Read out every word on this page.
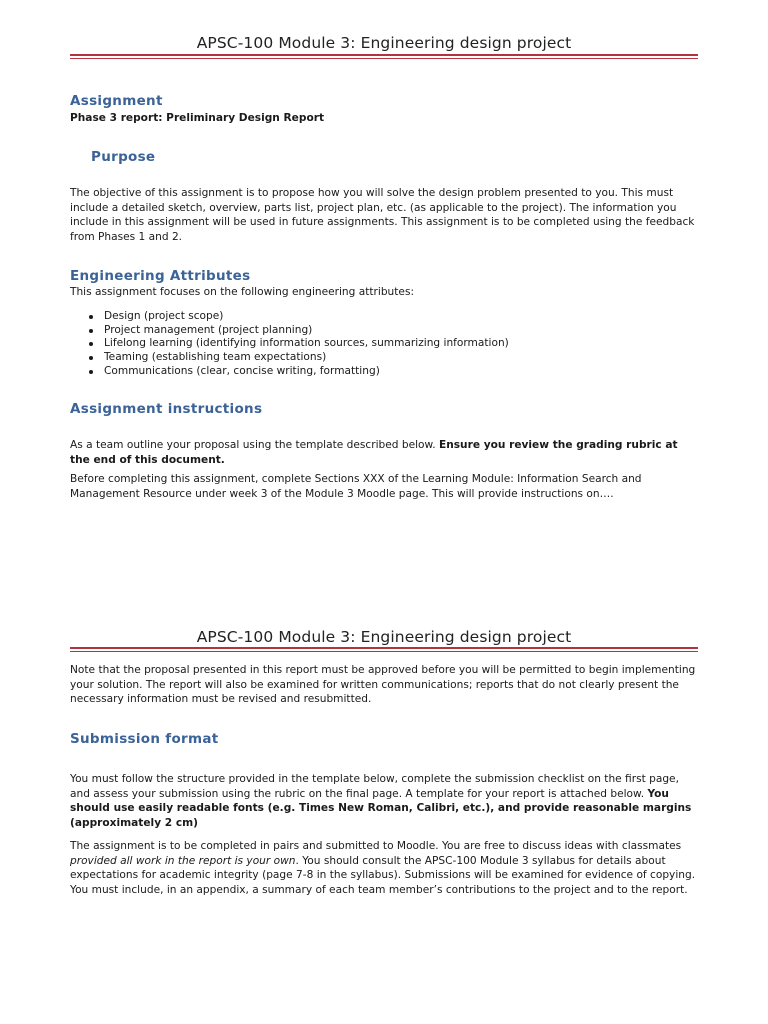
APSC-100 Module 3: Engineering design project
Assignment
Phase 3 report: Preliminary Design Report
Purpose
The objective of this assignment is to propose how you will solve the design problem presented to you. This must include a detailed sketch, overview, parts list, project plan, etc. (as applicable to the project). The information you include in this assignment will be used in future assignments. This assignment is to be completed using the feedback from Phases 1 and 2.
Engineering Attributes
This assignment focuses on the following engineering attributes:
Design (project scope)
Project management (project planning)
Lifelong learning (identifying information sources, summarizing information)
Teaming (establishing team expectations)
Communications (clear, concise writing, formatting)
Assignment instructions
As a team outline your proposal using the template described below. Ensure you review the grading rubric at the end of this document.
Before completing this assignment, complete Sections XXX of the Learning Module: Information Search and Management Resource under week 3 of the Module 3 Moodle page. This will provide instructions on….
APSC-100 Module 3: Engineering design project
Note that the proposal presented in this report must be approved before you will be permitted to begin implementing your solution. The report will also be examined for written communications; reports that do not clearly present the necessary information must be revised and resubmitted.
Submission format
You must follow the structure provided in the template below, complete the submission checklist on the first page, and assess your submission using the rubric on the final page. A template for your report is attached below. You should use easily readable fonts (e.g. Times New Roman, Calibri, etc.), and provide reasonable margins (approximately 2 cm)
The assignment is to be completed in pairs and submitted to Moodle. You are free to discuss ideas with classmates provided all work in the report is your own. You should consult the APSC-100 Module 3 syllabus for details about expectations for academic integrity (page 7-8 in the syllabus). Submissions will be examined for evidence of copying. You must include, in an appendix, a summary of each team member’s contributions to the project and to the report.
